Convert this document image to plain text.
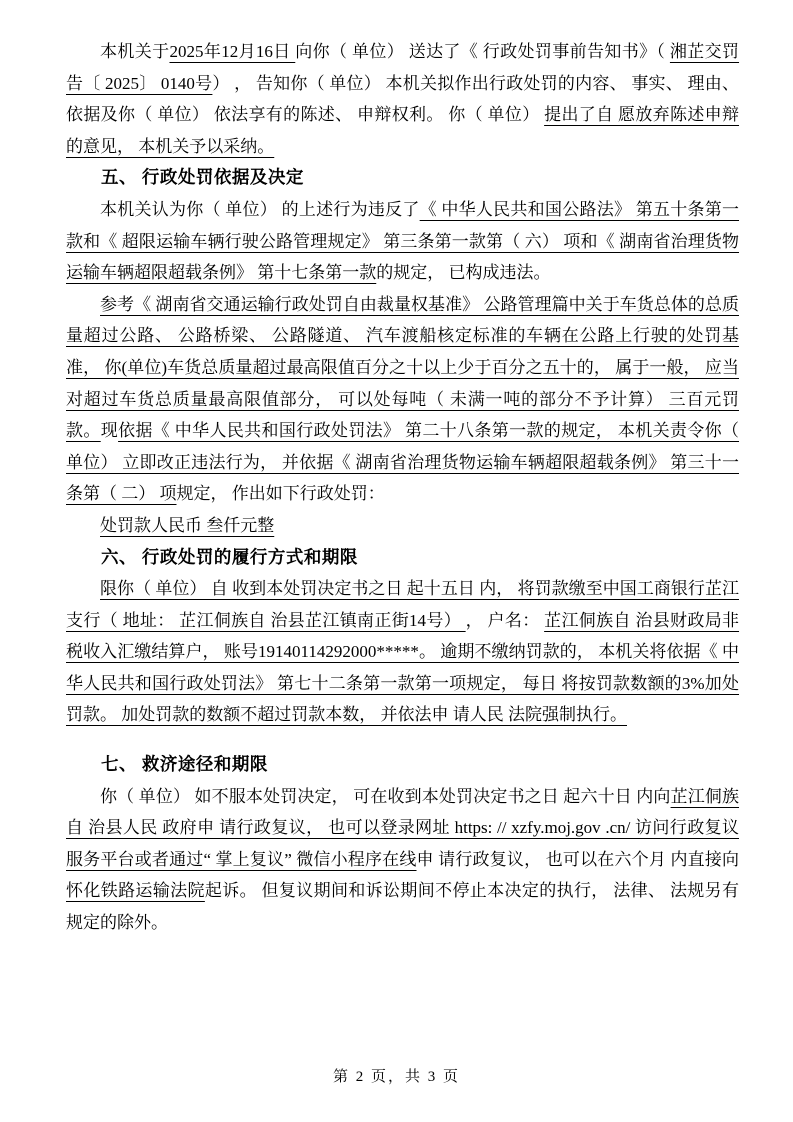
本机关于2025年12月16日 向你（ 单位） 送达了《 行政处罚事前告知书》（ 湘芷交罚告〔 2025〕 0140号） ， 告知你（ 单位） 本机关拟作出行政处罚的内容、 事实、 理由、 依据及你（ 单位） 依法享有的陈述、 申辩权利。 你（ 单位） 提出了自 愿放弃陈述申辩的意见， 本机关予以采纳。

五、 行政处罚依据及决定

本机关认为你（ 单位） 的上述行为违反了《 中华人民共和国公路法》 第五十条第一款和《 超限运输车辆行驶公路管理规定》 第三条第一款第（ 六） 项和《 湖南省治理货物运输车辆超限超载条例》 第十七条第一款的规定， 已构成违法。

参考《 湖南省交通运输行政处罚自由裁量权基准》 公路管理篇中关于车货总体的总质量超过公路、 公路桥梁、 公路隧道、 汽车渡船核定标准的车辆在公路上行驶的处罚基准， 你(单位)车货总质量超过最高限值百分之十以上少于百分之五十的， 属于一般， 应当对超过车货总质量最高限值部分， 可以处每吨（ 未满一吨的部分不予计算） 三百元罚款。现依据《 中华人民共和国行政处罚法》 第二十八条第一款的规定， 本机关责令你（ 单位） 立即改正违法行为， 并依据《 湖南省治理货物运输车辆超限超载条例》 第三十一条第（ 二） 项规定， 作出如下行政处罚：

处罚款人民币 叁仟元整

六、 行政处罚的履行方式和期限

限你（ 单位） 自 收到本处罚决定书之日 起十五日 内， 将罚款缴至中国工商银行芷江支行（ 地址： 芷江侗族自 治县芷江镇南正街14号） ， 户名： 芷江侗族自 治县财政局非税收入汇缴结算户， 账号19140114292000*****。 逾期不缴纳罚款的， 本机关将依据《 中华人民共和国行政处罚法》 第七十二条第一款第一项规定， 每日 将按罚款数额的3%加处罚款。 加处罚款的数额不超过罚款本数， 并依法申 请人民 法院强制执行。

七、 救济途径和期限

你（ 单位） 如不服本处罚决定， 可在收到本处罚决定书之日 起六十日 内向芷江侗族自 治县人民 政府申 请行政复议， 也可以登录网址 https: // xzfy.moj.gov .cn/ 访问行政复议服务平台或者通过“ 掌上复议” 微信小程序在线申 请行政复议， 也可以在六个月 内直接向怀化铁路运输法院起诉。 但复议期间和诉讼期间不停止本决定的执行， 法律、 法规另有规定的除外。

第 2 页，共 3 页
